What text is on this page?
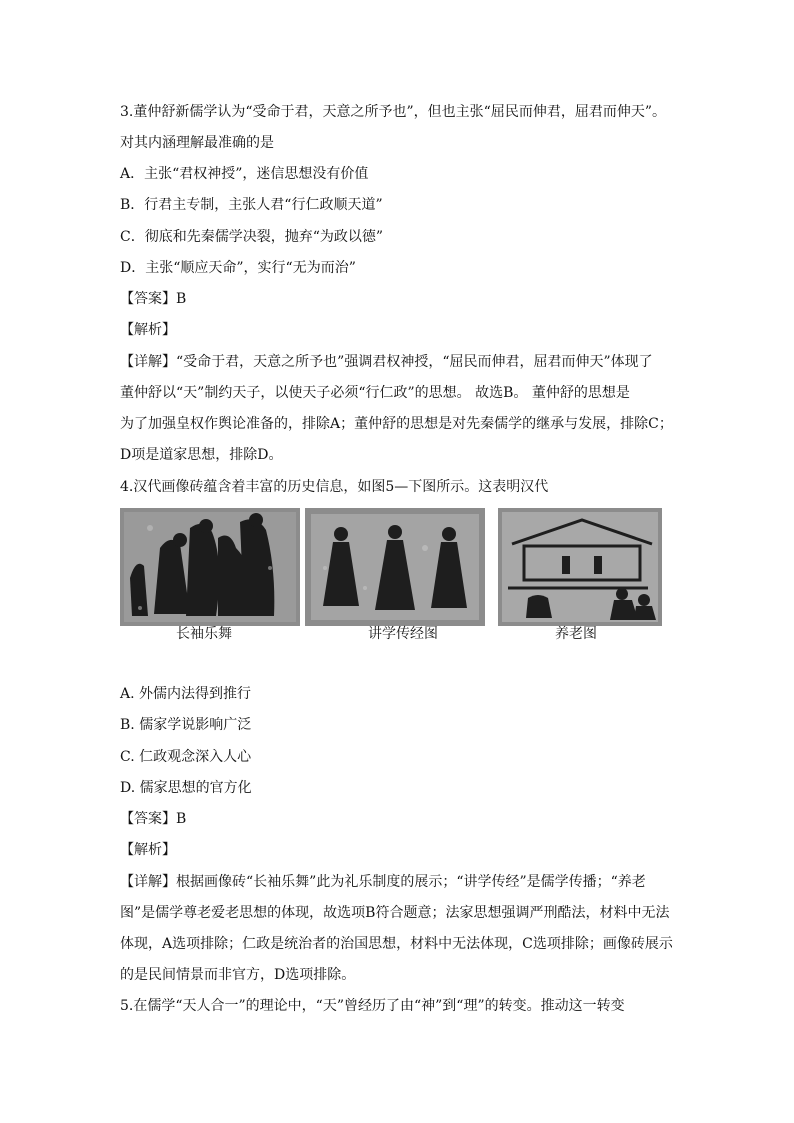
3.董仲舒新儒学认为“受命于君，天意之所予也”，但也主张“屈民而伸君，屈君而伸天”。
对其内涵理解最准确的是
A．主张“君权神授”，迷信思想没有价值
B．行君主专制，主张人君“行仁政顺天道”
C．彻底和先秦儒学决裂，抛弃“为政以德”
D．主张“顺应天命”，实行“无为而治”
【答案】B
【解析】
【详解】“受命于君，天意之所予也”强调君权神授，“屈民而伸君，屈君而伸天”体现了
董仲舒以“天”制约天子，以使天子必须“行仁政”的思想。 故选B。 董仲舒的思想是
为了加强皇权作舆论准备的，排除A；董仲舒的思想是对先秦儒学的继承与发展，排除C；
D项是道家思想，排除D。
4.汉代画像砖蕴含着丰富的历史信息，如图5—下图所示。这表明汉代
长袖乐舞	讲学传经图	养老图
A. 外儒内法得到推行
B. 儒家学说影响广泛
C. 仁政观念深入人心
D. 儒家思想的官方化
【答案】B
【解析】
【详解】根据画像砖“长袖乐舞”此为礼乐制度的展示；“讲学传经”是儒学传播；“养老
图”是儒学尊老爱老思想的体现，故选项B符合题意；法家思想强调严刑酷法，材料中无法
体现，A选项排除；仁政是统治者的治国思想，材料中无法体现，C选项排除；画像砖展示
的是民间情景而非官方，D选项排除。
5.在儒学“天人合一”的理论中，“天”曾经历了由“神”到“理”的转变。推动这一转变
